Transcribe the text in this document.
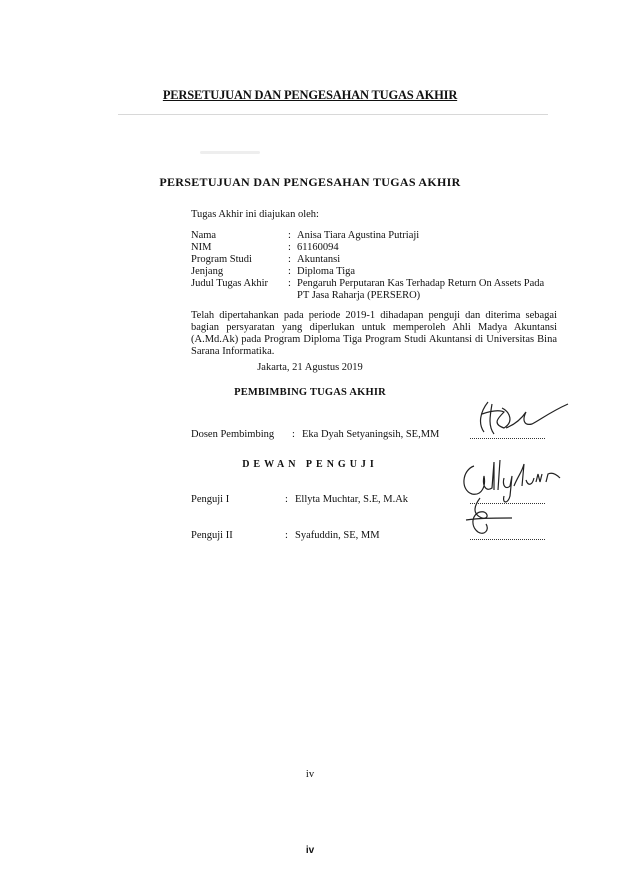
PERSETUJUAN DAN PENGESAHAN TUGAS AKHIR
PERSETUJUAN DAN PENGESAHAN TUGAS AKHIR
Tugas Akhir ini diajukan oleh:
Nama	: Anisa Tiara Agustina Putriaji
NIM	: 61160094
Program Studi	: Akuntansi
Jenjang	: Diploma Tiga
Judul Tugas Akhir : Pengaruh Perputaran Kas Terhadap Return On Assets Pada
PT Jasa Raharja (PERSERO)
Telah dipertahankan pada periode 2019-1 dihadapan penguji dan diterima sebagai bagian persyaratan yang diperlukan untuk memperoleh Ahli Madya Akuntansi (A.Md.Ak) pada Program Diploma Tiga Program Studi Akuntansi di Universitas Bina Sarana Informatika.
Jakarta, 21 Agustus 2019
PEMBIMBING TUGAS AKHIR
Dosen Pembimbing : Eka Dyah Setyaningsih, SE,MM
DEWAN PENGUJI
Penguji I	: Ellyta Muchtar, S.E, M.Ak
Penguji II	: Syafuddin, SE, MM
iv
iv
